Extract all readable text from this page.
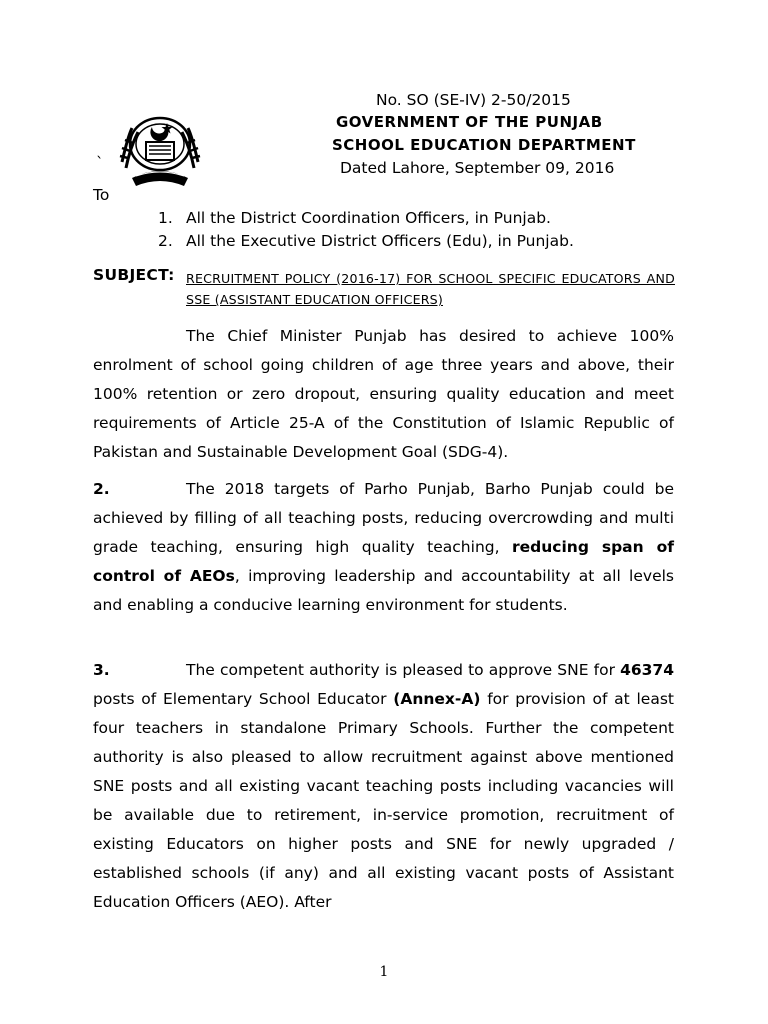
No. SO (SE-IV) 2-50/2015
GOVERNMENT OF THE PUNJAB
SCHOOL EDUCATION DEPARTMENT
`	Dated Lahore, September 09, 2016
To
1. All the District Coordination Officers, in Punjab.
2. All the Executive District Officers (Edu), in Punjab.
SUBJECT: RECRUITMENT POLICY (2016-17) FOR SCHOOL SPECIFIC EDUCATORS AND SSE (ASSISTANT EDUCATION OFFICERS)
The Chief Minister Punjab has desired to achieve 100% enrolment of school going children of age three years and above, their 100% retention or zero dropout, ensuring quality education and meet requirements of Article 25-A of the Constitution of Islamic Republic of Pakistan and Sustainable Development Goal (SDG-4).
2.	The 2018 targets of Parho Punjab, Barho Punjab could be achieved by filling of all teaching posts, reducing overcrowding and multi grade teaching, ensuring high quality teaching, reducing span of control of AEOs, improving leadership and accountability at all levels and enabling a conducive learning environment for students.
3.	The competent authority is pleased to approve SNE for 46374 posts of Elementary School Educator (Annex-A) for provision of at least four teachers in standalone Primary Schools. Further the competent authority is also pleased to allow recruitment against above mentioned SNE posts and all existing vacant teaching posts including vacancies will be available due to retirement, in-service promotion, recruitment of existing Educators on higher posts and SNE for newly upgraded / established schools (if any) and all existing vacant posts of Assistant Education Officers (AEO). After
1
